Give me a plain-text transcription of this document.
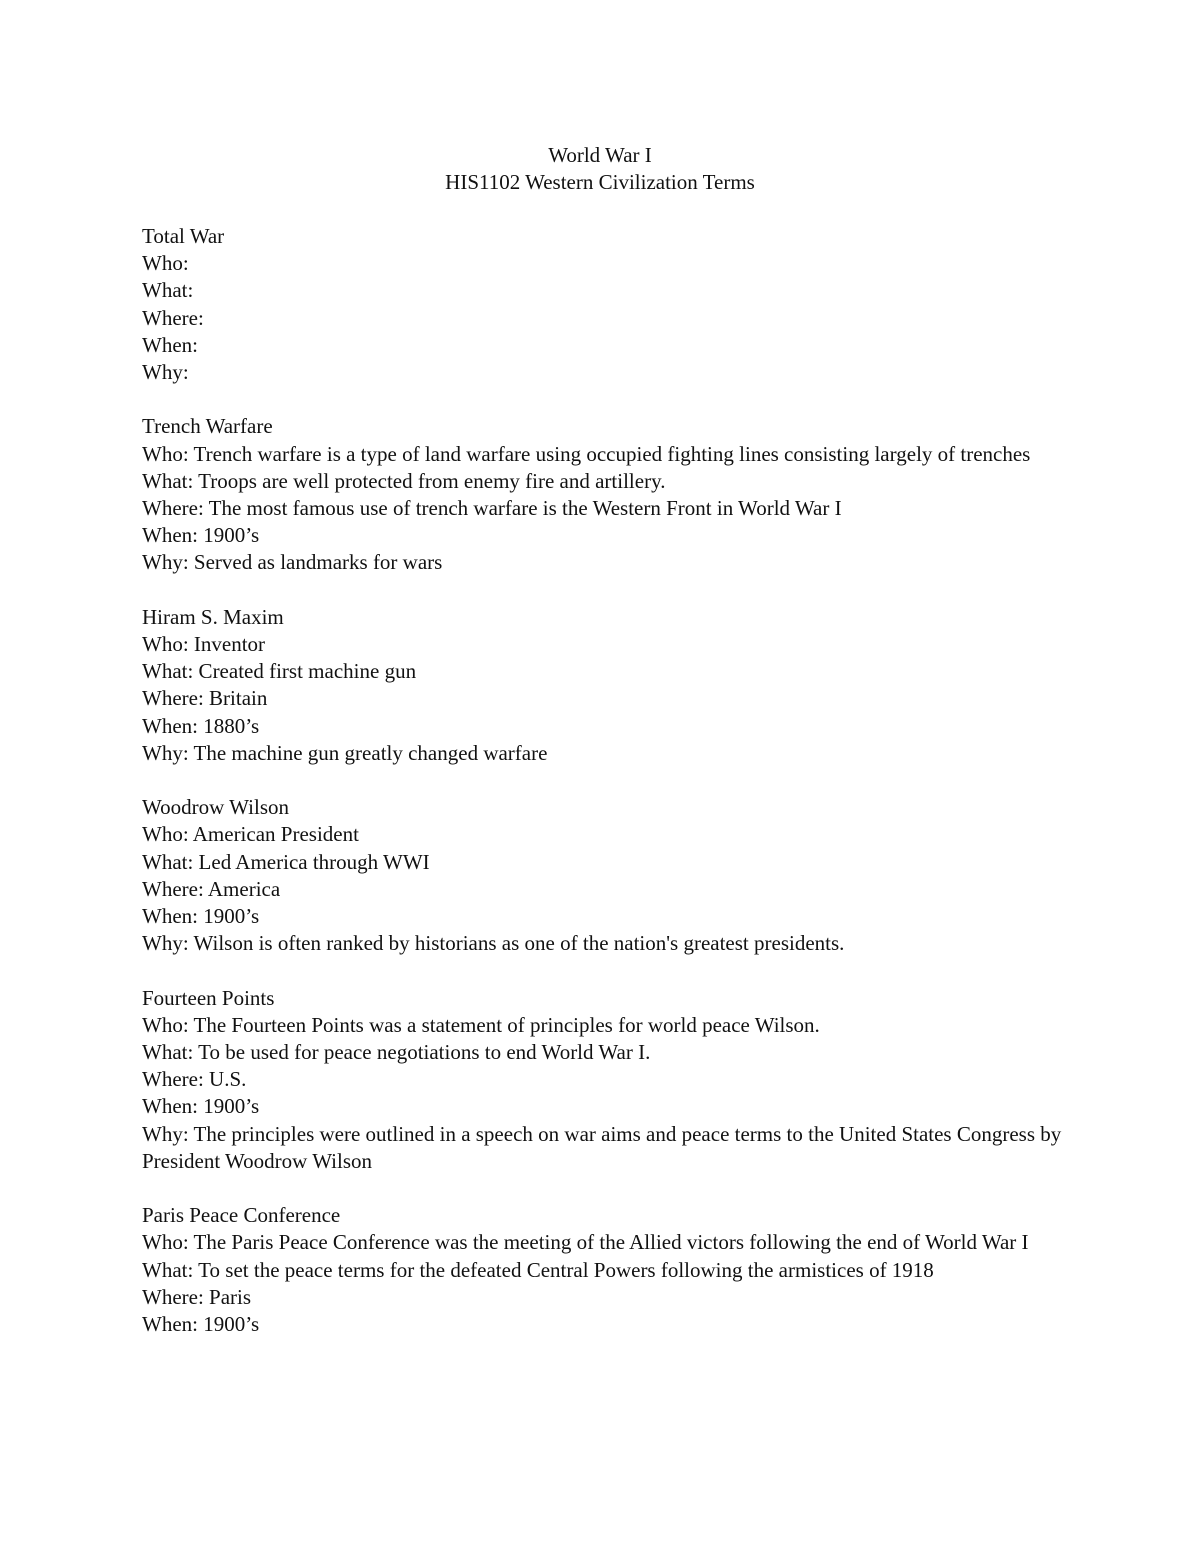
World War I
HIS1102 Western Civilization Terms
Total War
Who:
What:
Where:
When:
Why:
Trench Warfare
Who: Trench warfare is a type of land warfare using occupied fighting lines consisting largely of trenches
What: Troops are well protected from enemy fire and artillery.
Where: The most famous use of trench warfare is the Western Front in World War I
When: 1900’s
Why: Served as landmarks for wars
Hiram S. Maxim
Who: Inventor
What: Created first machine gun
Where: Britain
When: 1880’s
Why: The machine gun greatly changed warfare
Woodrow Wilson
Who: American President
What: Led America through WWI
Where: America
When: 1900’s
Why: Wilson is often ranked by historians as one of the nation's greatest presidents.
Fourteen Points
Who: The Fourteen Points was a statement of principles for world peace Wilson.
What: To be used for peace negotiations to end World War I.
Where: U.S.
When: 1900’s
Why: The principles were outlined in a speech on war aims and peace terms to the United States Congress by President Woodrow Wilson
Paris Peace Conference
Who: The Paris Peace Conference was the meeting of the Allied victors following the end of World War I
What: To set the peace terms for the defeated Central Powers following the armistices of 1918
Where: Paris
When: 1900’s
